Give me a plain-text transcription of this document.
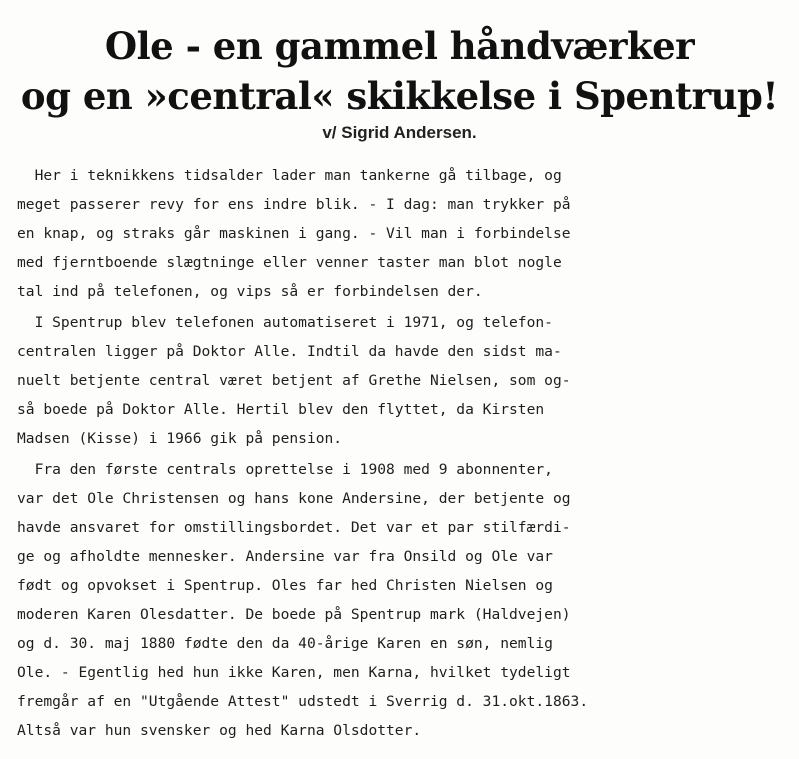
Ole - en gammel håndværker
og en »central« skikkelse i Spentrup!
v/ Sigrid Andersen.
Her i teknikkens tidsalder lader man tankerne gå tilbage, og
meget passerer revy for ens indre blik. - I dag: man trykker på
en knap, og straks går maskinen i gang. - Vil man i forbindelse
med fjerntboende slægtninge eller venner taster man blot nogle
tal ind på telefonen, og vips så er forbindelsen der.
I Spentrup blev telefonen automatiseret i 1971, og telefon-
centralen ligger på Doktor Alle. Indtil da havde den sidst ma-
nuelt betjente central været betjent af Grethe Nielsen, som og-
så boede på Doktor Alle. Hertil blev den flyttet, da Kirsten
Madsen (Kisse) i 1966 gik på pension.
Fra den første centrals oprettelse i 1908 med 9 abonnenter,
var det Ole Christensen og hans kone Andersine, der betjente og
havde ansvaret for omstillingsbordet. Det var et par stilfærdi-
ge og afholdte mennesker. Andersine var fra Onsild og Ole var
født og opvokset i Spentrup. Oles far hed Christen Nielsen og
moderen Karen Olesdatter. De boede på Spentrup mark (Haldvejen)
og d. 30. maj 1880 fødte den da 40-årige Karen en søn, nemlig
Ole. - Egentlig hed hun ikke Karen, men Karna, hvilket tydeligt
fremgår af en "Utgående Attest" udstedt i Sverrig d. 31.okt.1863.
Altså var hun svensker og hed Karna Olsdotter.
